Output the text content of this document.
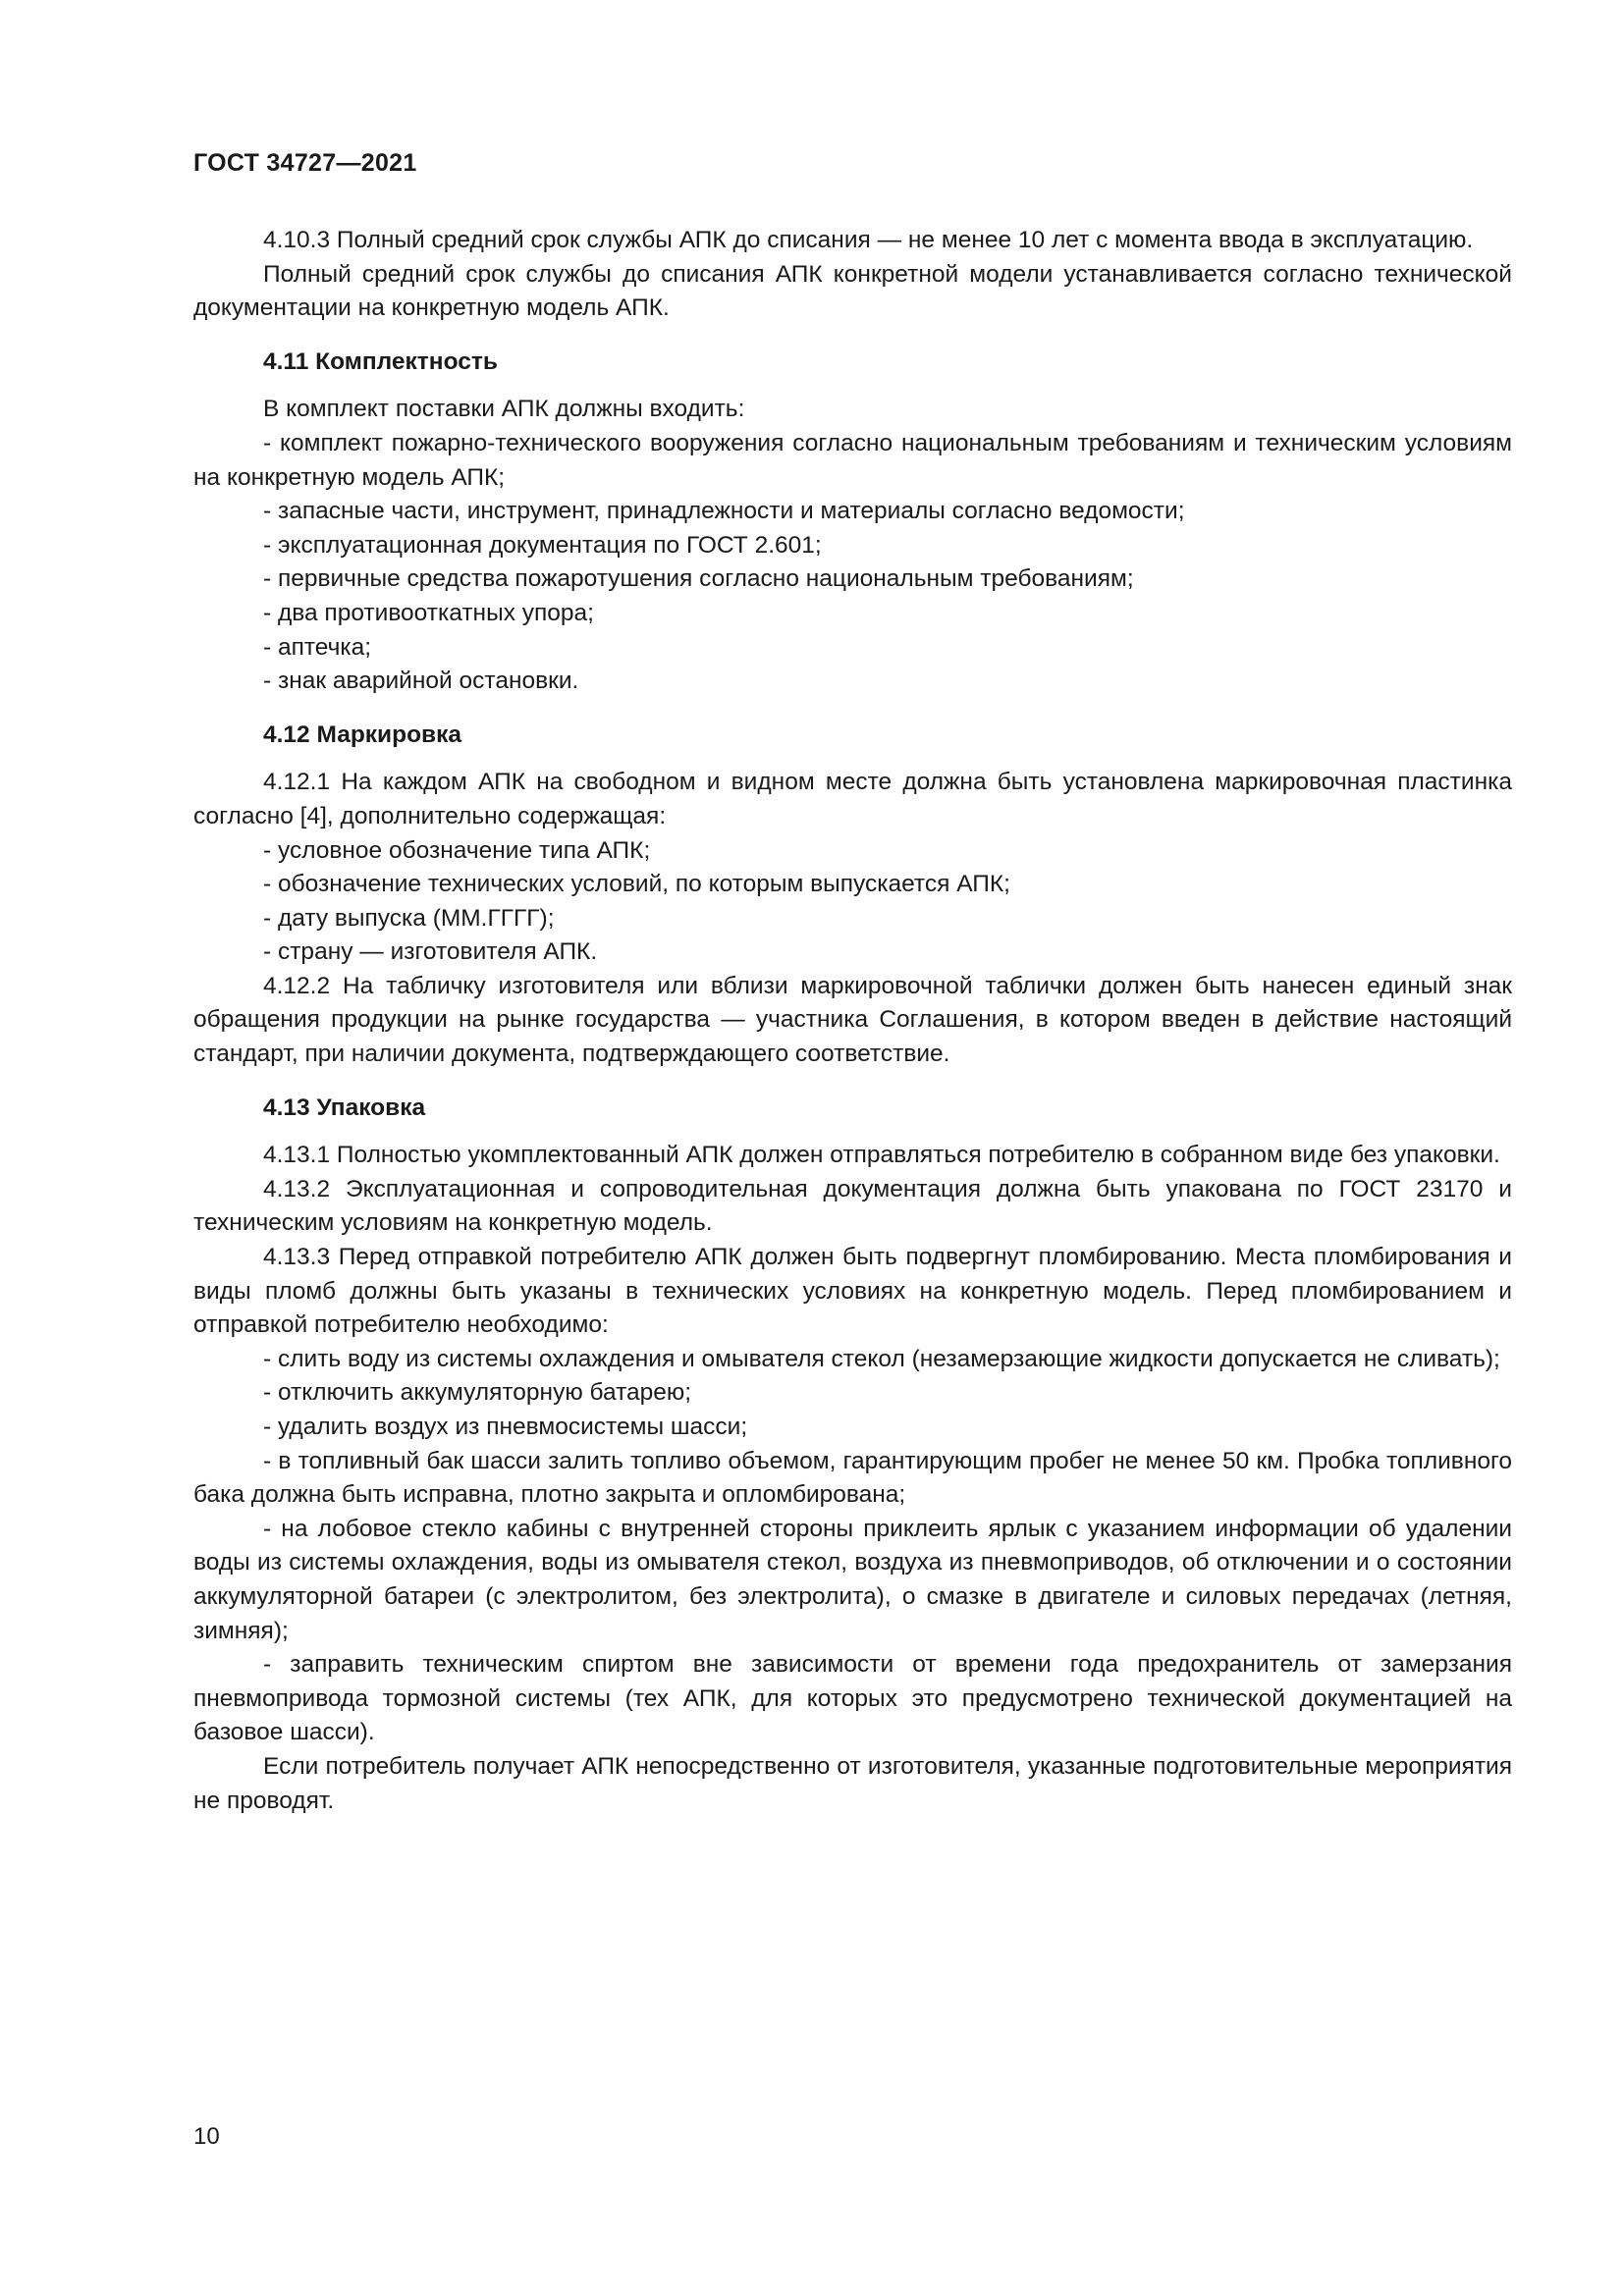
ГОСТ 34727—2021

4.10.3 Полный средний срок службы АПК до списания — не менее 10 лет с момента ввода в эксплуатацию.

Полный средний срок службы до списания АПК конкретной модели устанавливается согласно технической документации на конкретную модель АПК.

4.11 Комплектность

В комплект поставки АПК должны входить:

- комплект пожарно-технического вооружения согласно национальным требованиям и техническим условиям на конкретную модель АПК;

- запасные части, инструмент, принадлежности и материалы согласно ведомости;

- эксплуатационная документация по ГОСТ 2.601;

- первичные средства пожаротушения согласно национальным требованиям;

- два противооткатных упора;

- аптечка;

- знак аварийной остановки.

4.12 Маркировка

4.12.1 На каждом АПК на свободном и видном месте должна быть установлена маркировочная пластинка согласно [4], дополнительно содержащая:

- условное обозначение типа АПК;

- обозначение технических условий, по которым выпускается АПК;

- дату выпуска (ММ.ГГГГ);

- страну — изготовителя АПК.

4.12.2 На табличку изготовителя или вблизи маркировочной таблички должен быть нанесен единый знак обращения продукции на рынке государства — участника Соглашения, в котором введен в действие настоящий стандарт, при наличии документа, подтверждающего соответствие.

4.13 Упаковка

4.13.1 Полностью укомплектованный АПК должен отправляться потребителю в собранном виде без упаковки.

4.13.2 Эксплуатационная и сопроводительная документация должна быть упакована по ГОСТ 23170 и техническим условиям на конкретную модель.

4.13.3 Перед отправкой потребителю АПК должен быть подвергнут пломбированию. Места пломбирования и виды пломб должны быть указаны в технических условиях на конкретную модель. Перед пломбированием и отправкой потребителю необходимо:

- слить воду из системы охлаждения и омывателя стекол (незамерзающие жидкости допускается не сливать);

- отключить аккумуляторную батарею;

- удалить воздух из пневмосистемы шасси;

- в топливный бак шасси залить топливо объемом, гарантирующим пробег не менее 50 км. Пробка топливного бака должна быть исправна, плотно закрыта и опломбирована;

- на лобовое стекло кабины с внутренней стороны приклеить ярлык с указанием информации об удалении воды из системы охлаждения, воды из омывателя стекол, воздуха из пневмоприводов, об отключении и о состоянии аккумуляторной батареи (с электролитом, без электролита), о смазке в двигателе и силовых передачах (летняя, зимняя);

- заправить техническим спиртом вне зависимости от времени года предохранитель от замерзания пневмопривода тормозной системы (тех АПК, для которых это предусмотрено технической документацией на базовое шасси).

Если потребитель получает АПК непосредственно от изготовителя, указанные подготовительные мероприятия не проводят.

10
